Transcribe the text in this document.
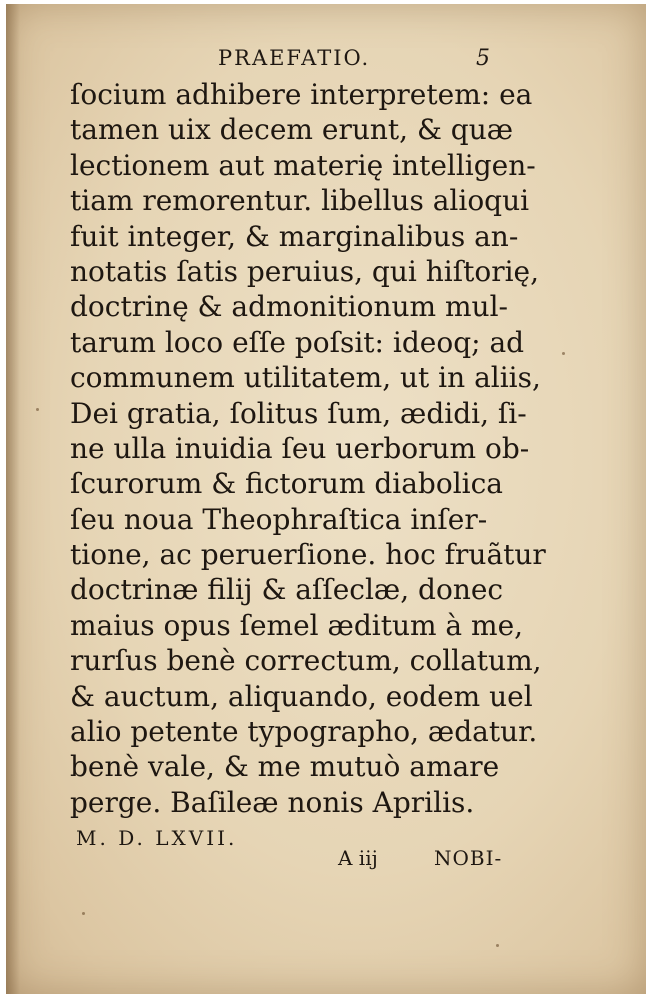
PRAEFATIO.	5
ſocium adhibere interpretem: ea
tamen uix decem erunt, & quæ
lectionem aut materię intelligen-
tiam remorentur. libellus alioqui
fuit integer, & marginalibus an-
notatis ſatis peruius, qui hiſtorię,
doctrinę & admonitionum mul-
tarum loco eſſe poſsit: ideoq; ad
communem utilitatem, ut in aliis,
Dei gratia, ſolitus ſum, ædidi, ſi-
ne ulla inuidia ſeu uerborum ob-
ſcurorum & fictorum diabolica
ſeu noua Theophraſtica inſer-
tione, ac peruerſione. hoc fruãtur
doctrinæ filij & aſſeclæ, donec
maius opus ſemel æditum à me,
rurſus benè correctum, collatum,
& auctum, aliquando, eodem uel
alio petente typographo, ædatur.
benè vale, & me mutuò amare
perge. Baſileæ nonis Aprilis.
M. D. LXVII.
A iij	NOBI-
